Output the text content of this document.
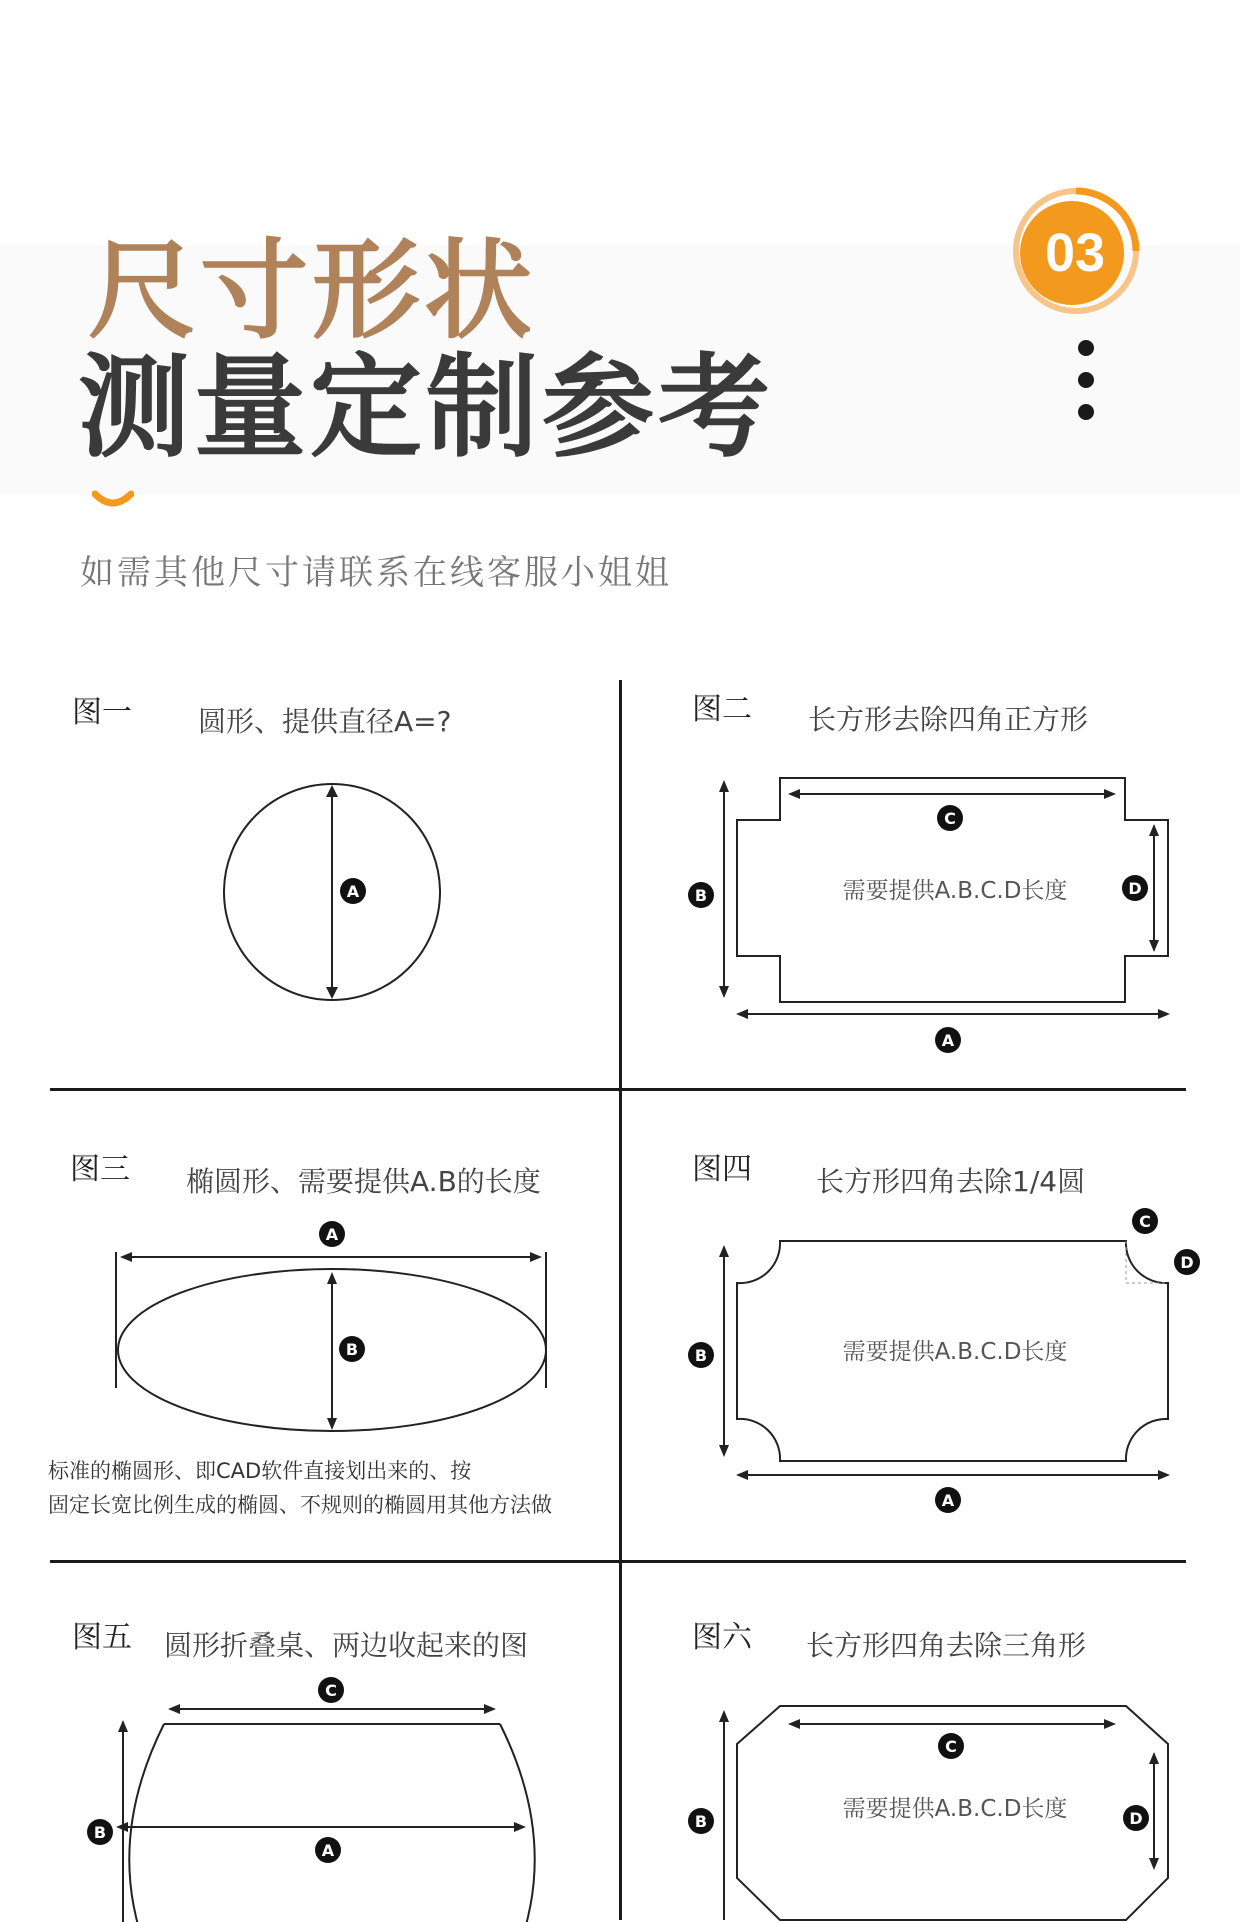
尺寸形状
测量定制参考
如需其他尺寸请联系在线客服小姐姐
03
图一 圆形、提供直径A=?
A
图二 长方形去除四角正方形
需要提供A.B.C.D长度
C
B	D
A
图三 椭圆形、需要提供A.B的长度
A
B
标准的椭圆形、即CAD软件直接划出来的、按
固定长宽比例生成的椭圆、不规则的椭圆用其他方法做
图四 长方形四角去除1/4圆
需要提供A.B.C.D长度
C
D
B
A
图五 圆形折叠桌、两边收起来的图
C
B
A
图六 长方形四角去除三角形
需要提供A.B.C.D长度
C
B	D
